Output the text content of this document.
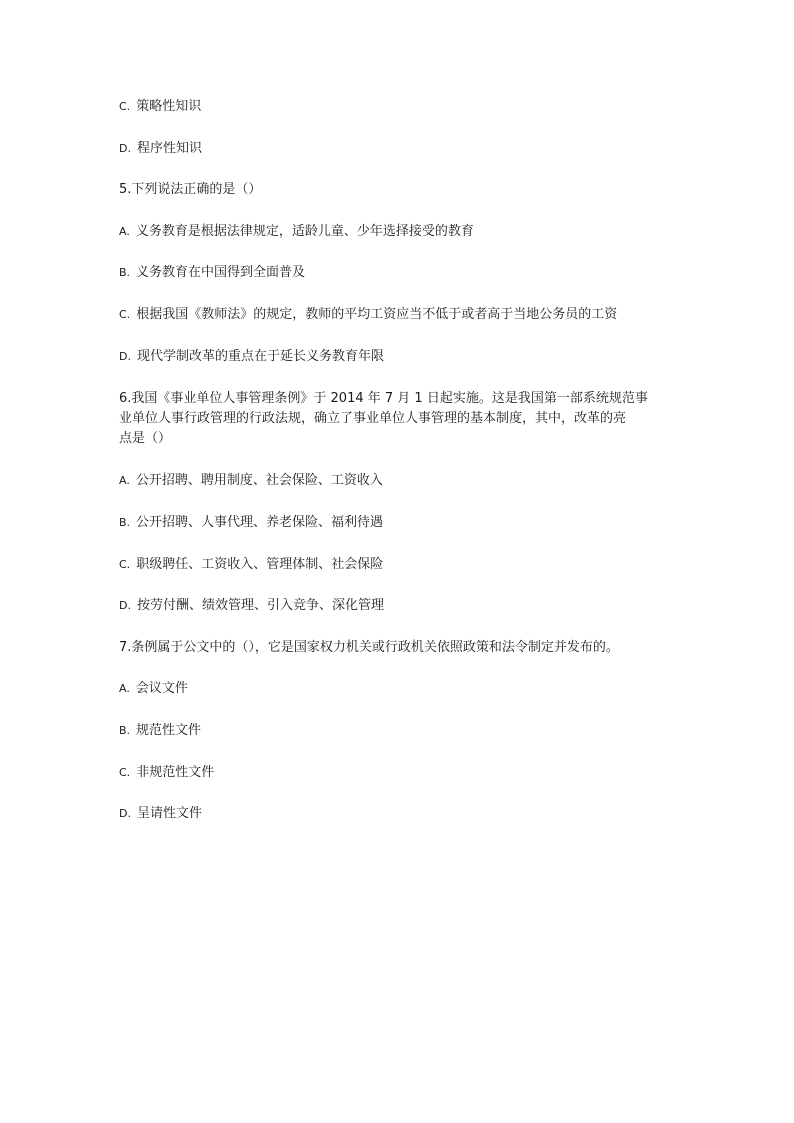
C. 策略性知识
D. 程序性知识
5.下列说法正确的是（）
A. 义务教育是根据法律规定，适龄儿童、少年选择接受的教育
B. 义务教育在中国得到全面普及
C. 根据我国《教师法》的规定，教师的平均工资应当不低于或者高于当地公务员的工资
D. 现代学制改革的重点在于延长义务教育年限
6.我国《事业单位人事管理条例》于 2014 年 7 月 1 日起实施。这是我国第一部系统规范事
业单位人事行政管理的行政法规，确立了事业单位人事管理的基本制度，其中，改革的亮
点是（）
A. 公开招聘、聘用制度、社会保险、工资收入
B. 公开招聘、人事代理、养老保险、福利待遇
C. 职级聘任、工资收入、管理体制、社会保险
D. 按劳付酬、绩效管理、引入竞争、深化管理
7.条例属于公文中的（），它是国家权力机关或行政机关依照政策和法令制定并发布的。
A. 会议文件
B. 规范性文件
C. 非规范性文件
D. 呈请性文件
